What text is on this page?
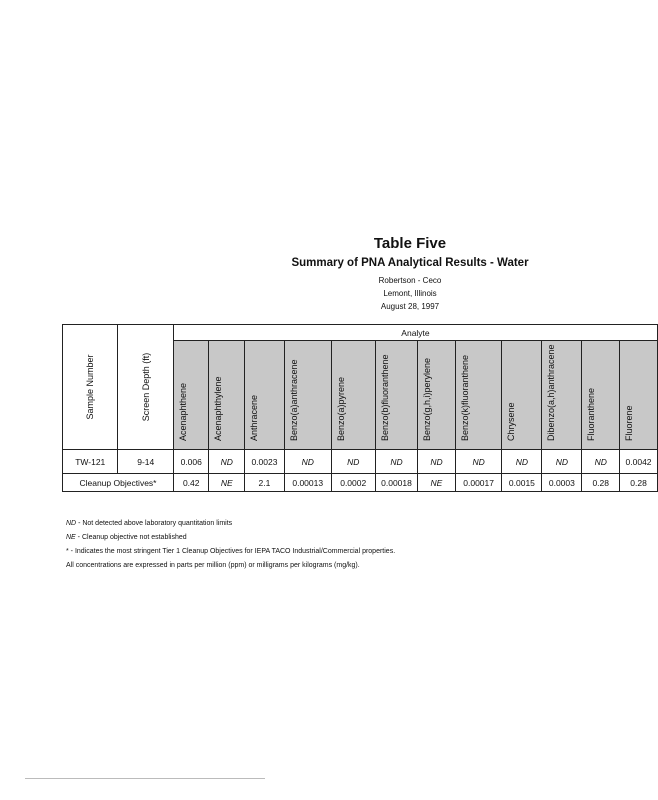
Table Five
Summary of PNA Analytical Results - Water
Robertson - Ceco
Lemont, Illinois
August 28, 1997
Sample Number	Screen Depth (ft)	Analyte											

		Acenaphthene	Acenaphthylene	Anthracene	Benzo(a)anthracene	Benzo(a)pyrene	Benzo(b)fluoranthene	Benzo(g,h,i)perylene	Benzo(k)fluoranthene	Chrysene	Dibenzo(a,h)anthracene	Fluoranthene	Fluorene

TW-121	9-14	0.006	ND	0.0023	ND	ND	ND	ND	ND	ND	ND	ND	0.0042
Cleanup Objectives*		0.42	NE	2.1	0.00013	0.0002	0.00018	NE	0.00017	0.0015	0.0003	0.28	0.28
ND - Not detected above laboratory quantitation limits
NE - Cleanup objective not established
* - Indicates the most stringent Tier 1 Cleanup Objectives for IEPA TACO Industrial/Commercial properties.
All concentrations are expressed in parts per million (ppm) or milligrams per kilograms (mg/kg).
